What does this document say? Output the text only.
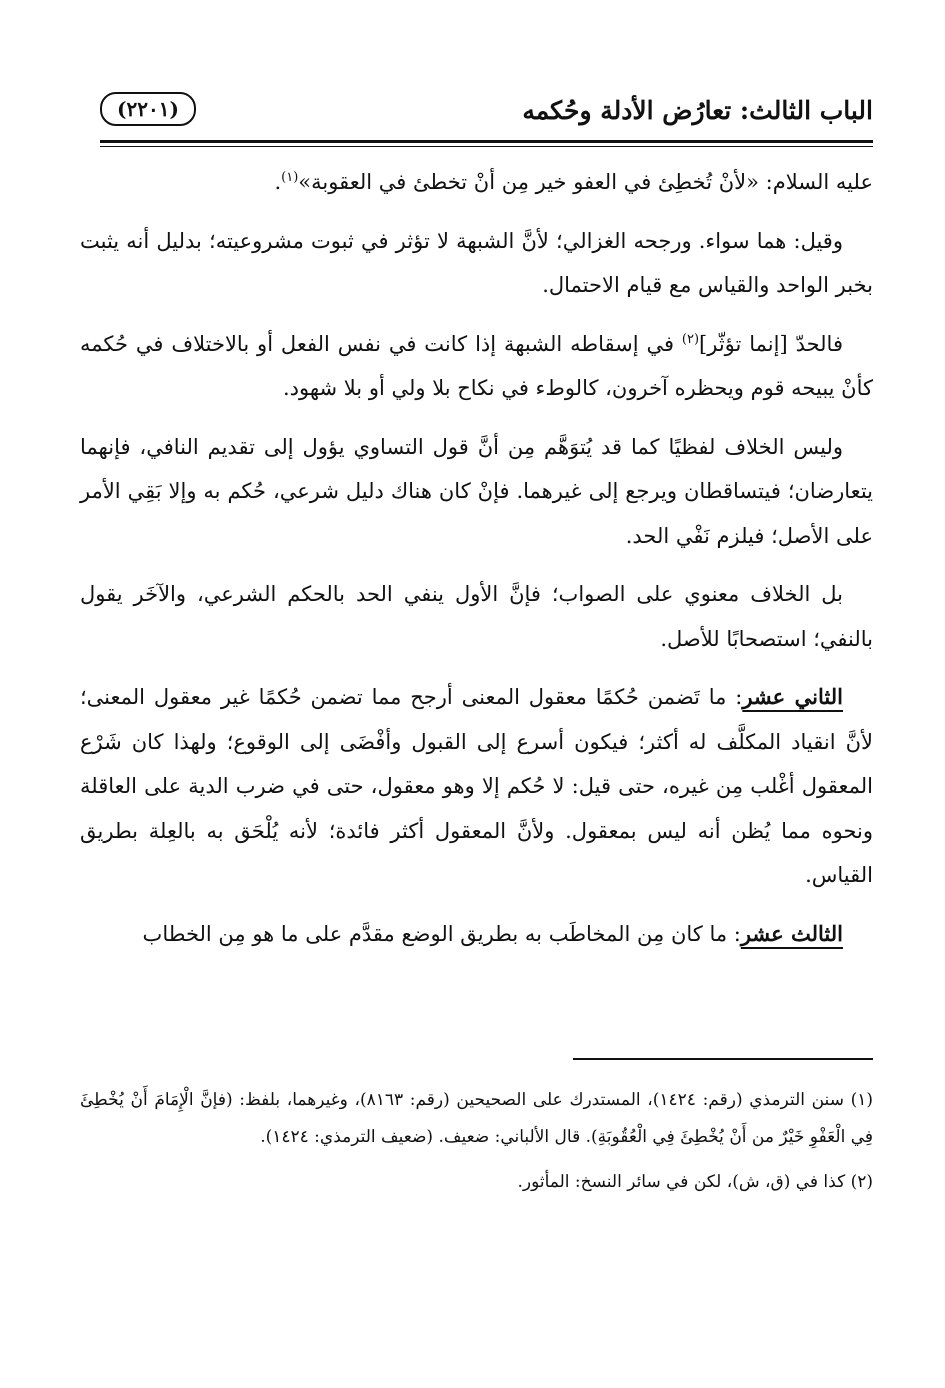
الباب الثالث: تعارُض الأدلة وحُكمه
(٢٢٠١)

عليه السلام: «لأنْ تُخطِئ في العفو خير مِن أنْ تخطئ في العقوبة»$^{(١)}$.

وقيل: هما سواء. ورجحه الغزالي؛ لأنَّ الشبهة لا تؤثر في ثبوت مشروعيته؛ بدليل أنه يثبت بخبر الواحد والقياس مع قيام الاحتمال.

فالحدّ [إنما تؤثّر]$^{(٢)}$ في إسقاطه الشبهة إذا كانت في نفس الفعل أو بالاختلاف في حُكمه كأنْ يبيحه قوم ويحظره آخرون، كالوطء في نكاح بلا ولي أو بلا شهود.

وليس الخلاف لفظيًا كما قد يُتوَهَّم مِن أنَّ قول التساوي يؤول إلى تقديم النافي، فإنهما يتعارضان؛ فيتساقطان ويرجع إلى غيرهما. فإنْ كان هناك دليل شرعي، حُكم به وإلا بَقِي الأمر على الأصل؛ فيلزم نَفْي الحد.

بل الخلاف معنوي على الصواب؛ فإنَّ الأول ينفي الحد بالحكم الشرعي، والآخَر يقول بالنفي؛ استصحابًا للأصل.

الثاني عشر: ما تَضمن حُكمًا معقول المعنى أرجح مما تضمن حُكمًا غير معقول المعنى؛ لأنَّ انقياد المكلَّف له أكثر؛ فيكون أسرع إلى القبول وأفْضَى إلى الوقوع؛ ولهذا كان شَرْع المعقول أغْلب مِن غيره، حتى قيل: لا حُكم إلا وهو معقول، حتى في ضرب الدية على العاقلة ونحوه مما يُظن أنه ليس بمعقول. ولأنَّ المعقول أكثر فائدة؛ لأنه يُلْحَق به بالعِلة بطريق القياس.

الثالث عشر: ما كان مِن المخاطَب به بطريق الوضع مقدَّم على ما هو مِن الخطاب

(١) سنن الترمذي (رقم: ١٤٢٤)، المستدرك على الصحيحين (رقم: ٨١٦٣)، وغيرهما، بلفظ: (فإنَّ الْإِمَامَ أَنْ يُخْطِئَ فِي الْعَفْوِ خَيْرٌ من أَنْ يُخْطِئَ فِي الْعُقُوبَةِ). قال الألباني: ضعيف. (ضعيف الترمذي: ١٤٢٤).

(٢) كذا في (ق، ش)، لكن في سائر النسخ: المأثور.
